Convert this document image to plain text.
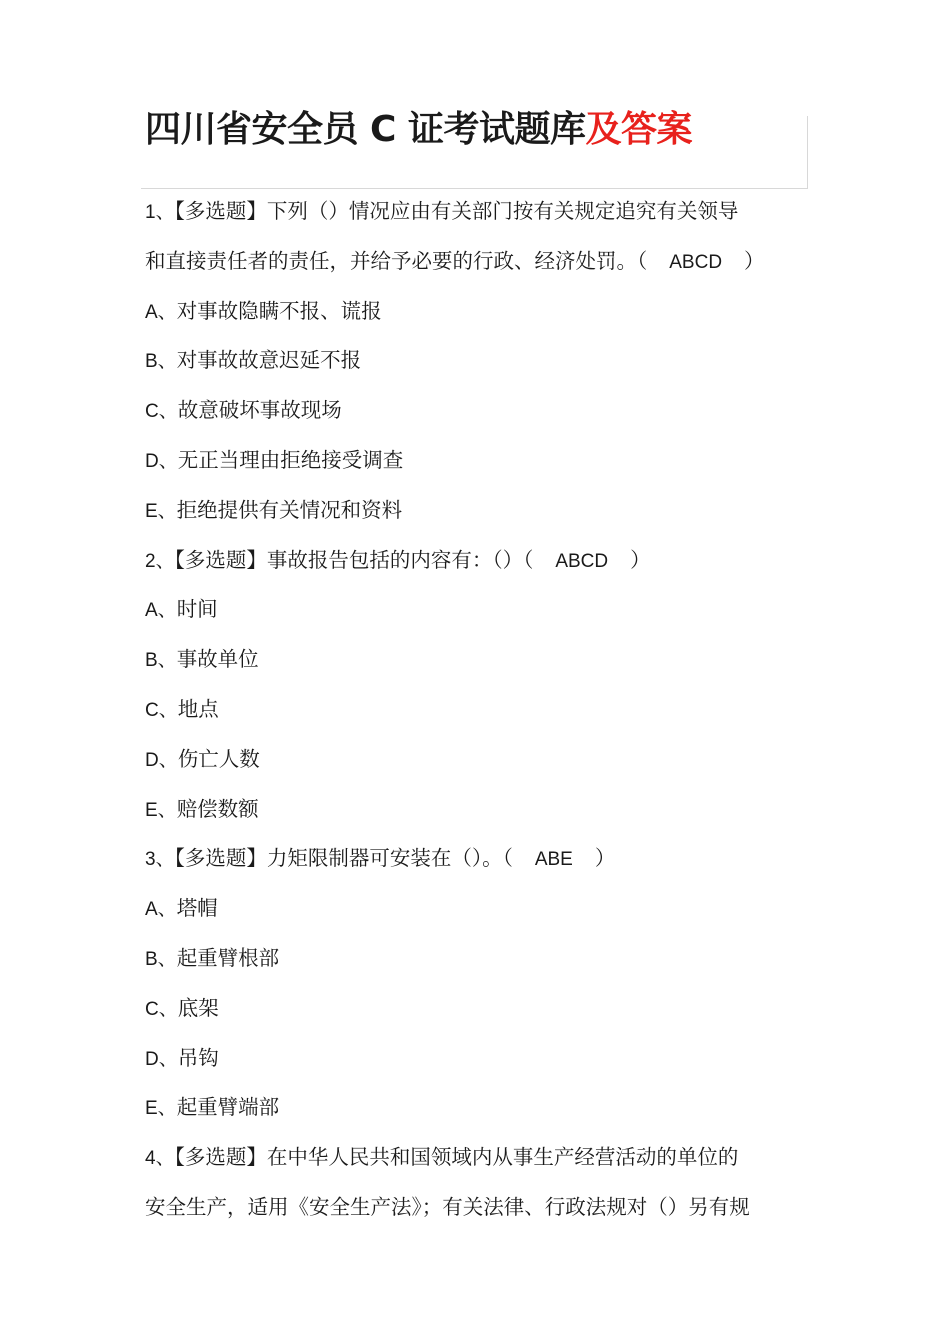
四川省安全员 C 证考试题库及答案
1、【多选题】下列（）情况应由有关部门按有关规定追究有关领导
和直接责任者的责任，并给予必要的行政、经济处罚。（ ABCD ）
A、对事故隐瞒不报、谎报
B、对事故故意迟延不报
C、故意破坏事故现场
D、无正当理由拒绝接受调查
E、拒绝提供有关情况和资料
2、【多选题】事故报告包括的内容有：（）（ ABCD ）
A、时间
B、事故单位
C、地点
D、伤亡人数
E、赔偿数额
3、【多选题】力矩限制器可安装在（）。（ ABE ）
A、塔帽
B、起重臂根部
C、底架
D、吊钩
E、起重臂端部
4、【多选题】在中华人民共和国领域内从事生产经营活动的单位的
安全生产，适用《安全生产法》；有关法律、行政法规对（）另有规
